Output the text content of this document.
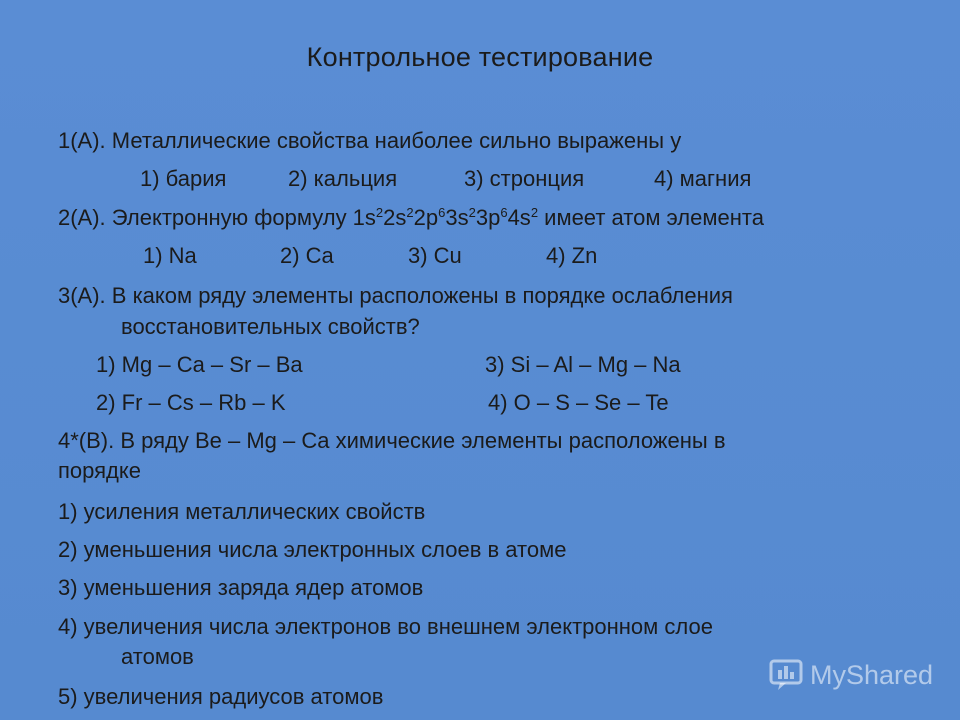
Контрольное тестирование
1(А). Металлические свойства наиболее сильно выражены у
1) бария	2) кальция	3) стронция	4) магния
2(А). Электронную формулу $1s^22s^22p^63s^23p^64s^2$ имеет атом элемента
1) Na	2) Ca	3) Cu	4) Zn
3(А). В каком ряду элементы расположены в порядке ослабления
восстановительных свойств?
1) Mg – Ca – Sr – Ba	3) Si – Al – Mg – Na
2) Fr – Cs – Rb – K	4) O – S – Se – Te
4*(В). В ряду Be – Mg – Ca химические элементы расположены в
порядке
1) усиления металлических свойств
2) уменьшения числа электронных слоев в атоме
3) уменьшения заряда ядер атомов
4) увеличения числа электронов во внешнем электронном слое
атомов
5) увеличения радиусов атомов
MyShared
